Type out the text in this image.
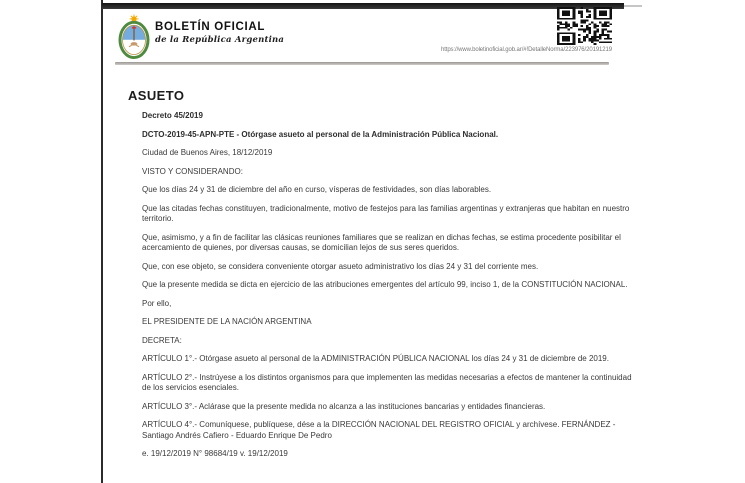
BOLETÍN OFICIAL
de la República Argentina
https://www.boletinoficial.gob.ar/#!DetalleNorma/223976/20191219
ASUETO

Decreto 45/2019

DCTO-2019-45-APN-PTE - Otórgase asueto al personal de la Administración Pública Nacional.

Ciudad de Buenos Aires, 18/12/2019

VISTO Y CONSIDERANDO:

Que los días 24 y 31 de diciembre del año en curso, vísperas de festividades, son días laborables.

Que las citadas fechas constituyen, tradicionalmente, motivo de festejos para las familias argentinas y extranjeras que habitan en nuestro territorio.

Que, asimismo, y a fin de facilitar las clásicas reuniones familiares que se realizan en dichas fechas, se estima procedente posibilitar el acercamiento de quienes, por diversas causas, se domicilian lejos de sus seres queridos.

Que, con ese objeto, se considera conveniente otorgar asueto administrativo los días 24 y 31 del corriente mes.

Que la presente medida se dicta en ejercicio de las atribuciones emergentes del artículo 99, inciso 1, de la CONSTITUCIÓN NACIONAL.

Por ello,

EL PRESIDENTE DE LA NACIÓN ARGENTINA

DECRETA:

ARTÍCULO 1°.- Otórgase asueto al personal de la ADMINISTRACIÓN PÚBLICA NACIONAL los días 24 y 31 de diciembre de 2019.

ARTÍCULO 2°.- Instrúyese a los distintos organismos para que implementen las medidas necesarias a efectos de mantener la continuidad de los servicios esenciales.

ARTÍCULO 3°.- Aclárase que la presente medida no alcanza a las instituciones bancarias y entidades financieras.

ARTÍCULO 4°.- Comuníquese, publíquese, dése a la DIRECCIÓN NACIONAL DEL REGISTRO OFICIAL y archívese. FERNÁNDEZ - Santiago Andrés Cafiero - Eduardo Enrique De Pedro

e. 19/12/2019 N° 98684/19 v. 19/12/2019
